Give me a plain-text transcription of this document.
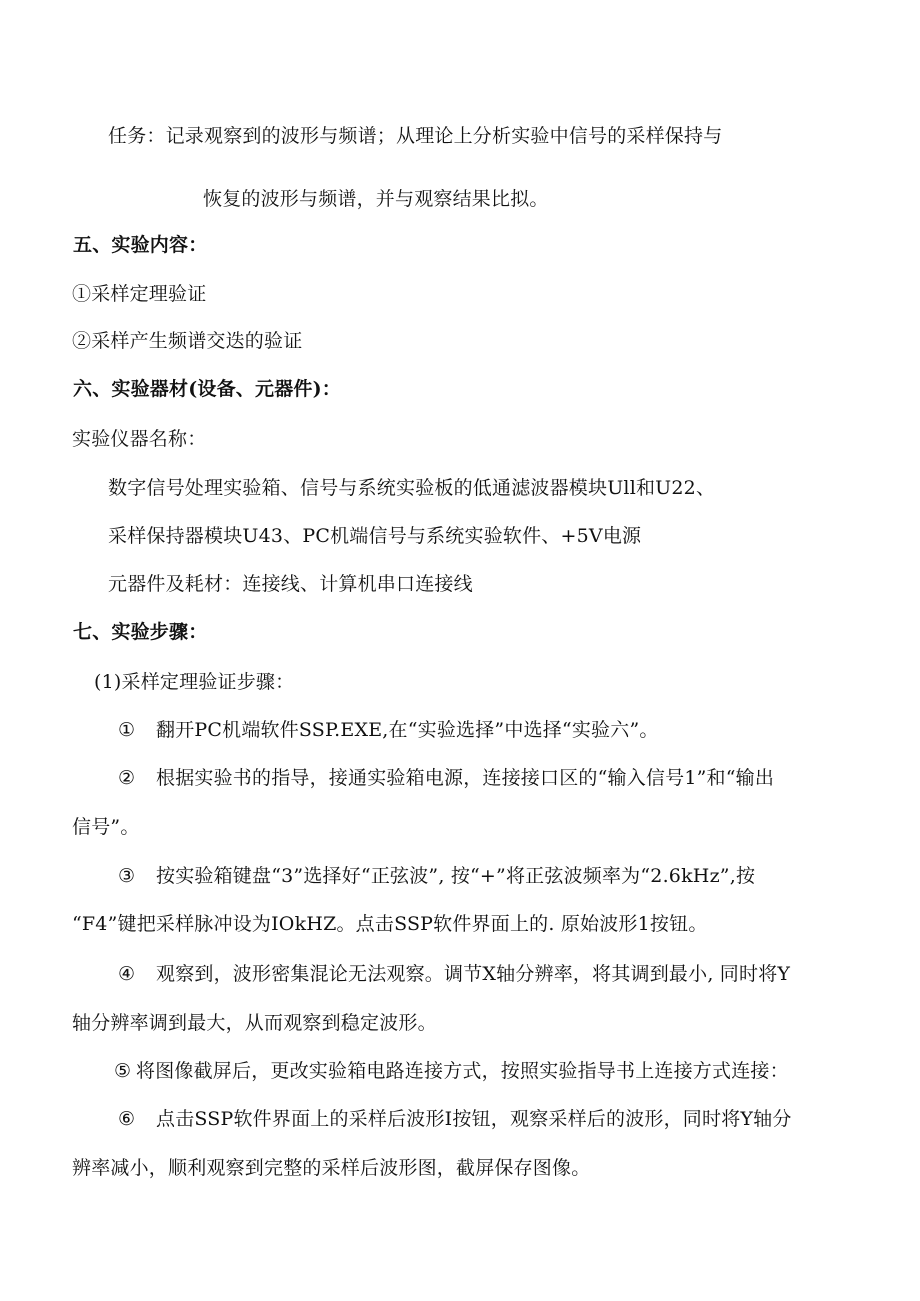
任务：记录观察到的波形与频谱；从理论上分析实验中信号的采样保持与
恢复的波形与频谱，并与观察结果比拟。
五、实验内容：
①采样定理验证
②采样产生频谱交迭的验证
六、实验器材(设备、元器件)：
实验仪器名称：
数字信号处理实验箱、信号与系统实验板的低通滤波器模块Ull和U22、
采样保持器模块U43、PC机端信号与系统实验软件、+5V电源
元器件及耗材：连接线、计算机串口连接线
七、实验步骤：
(1)采样定理验证步骤：
① 翻开PC机端软件SSP.EXE,在“实验选择”中选择“实验六”。
② 根据实验书的指导，接通实验箱电源，连接接口区的“输入信号1”和“输出
信号”。
③ 按实验箱键盘“3”选择好“正弦波”, 按“+”将正弦波频率为“2.6kHz”,按
“F4”键把采样脉冲设为IOkHZ。点击SSP软件界面上的. 原始波形1按钮。
④ 观察到，波形密集混论无法观察。调节X轴分辨率，将其调到最小, 同时将Y
轴分辨率调到最大，从而观察到稳定波形。
⑤ 将图像截屏后，更改实验箱电路连接方式，按照实验指导书上连接方式连接：
⑥ 点击SSP软件界面上的采样后波形I按钮，观察采样后的波形，同时将Y轴分
辨率减小，顺利观察到完整的采样后波形图，截屏保存图像。
